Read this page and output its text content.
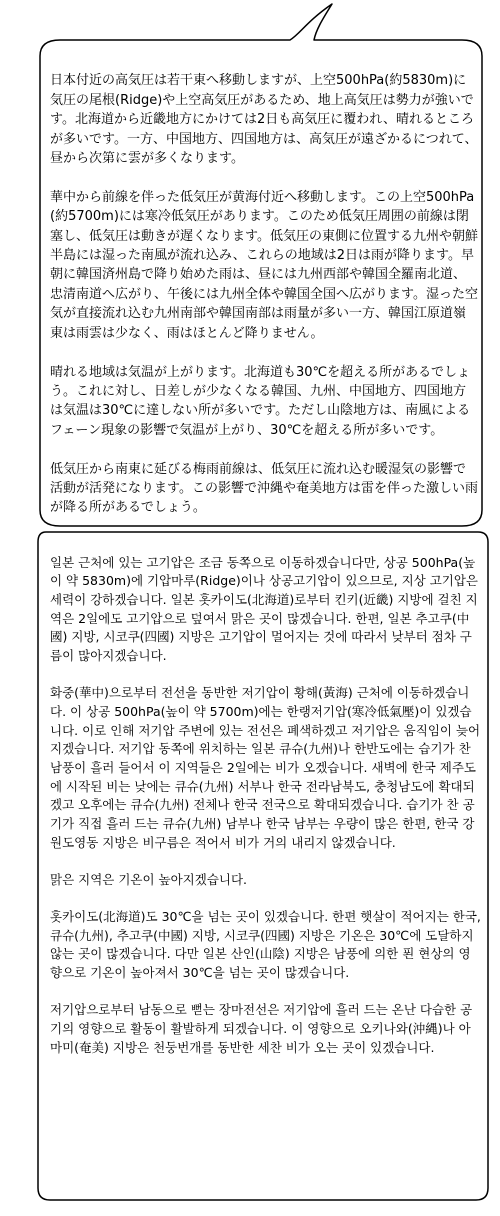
日本付近の高気圧は若干東へ移動しますが、上空500hPa(約5830m)に気圧の尾根(Ridge)や上空高気圧があるため、地上高気圧は勢力が強いです。北海道から近畿地方にかけては2日も高気圧に覆われ、晴れるところが多いです。一方、中国地方、四国地方は、高気圧が遠ざかるにつれて、昼から次第に雲が多くなります。

華中から前線を伴った低気圧が黄海付近へ移動します。この上空500hPa(約5700m)には寒冷低気圧があります。このため低気圧周囲の前線は閉塞し、低気圧は動きが遅くなります。低気圧の東側に位置する九州や朝鮮半島には湿った南風が流れ込み、これらの地域は2日は雨が降ります。早朝に韓国済州島で降り始めた雨は、昼には九州西部や韓国全羅南北道、忠清南道へ広がり、午後には九州全体や韓国全国へ広がります。湿った空気が直接流れ込む九州南部や韓国南部は雨量が多い一方、韓国江原道嶺東は雨雲は少なく、雨はほとんど降りません。

晴れる地域は気温が上がります。北海道も30℃を超える所があるでしょう。これに対し、日差しが少なくなる韓国、九州、中国地方、四国地方は気温は30℃に達しない所が多いです。ただし山陰地方は、南風によるフェーン現象の影響で気温が上がり、30℃を超える所が多いです。

低気圧から南東に延びる梅雨前線は、低気圧に流れ込む暖湿気の影響で活動が活発になります。この影響で沖縄や奄美地方は雷を伴った激しい雨が降る所があるでしょう。

일본 근처에 있는 고기압은 조금 동쪽으로 이동하겠습니다만, 상공 500hPa(높이 약 5830m)에 기압마루(Ridge)이나 상공고기압이 있으므로, 지상 고기압은 세력이 강하겠습니다. 일본 홋카이도(北海道)로부터 킨키(近畿) 지방에 걸친 지역은 2일에도 고기압으로 덮여서 맑은 곳이 많겠습니다. 한편, 일본 추고쿠(中國) 지방, 시코쿠(四國) 지방은 고기압이 멀어지는 것에 따라서 낮부터 점차 구름이 많아지겠습니다.

화중(華中)으로부터 전선을 동반한 저기압이 황해(黃海) 근처에 이동하겠습니다. 이 상공 500hPa(높이 약 5700m)에는 한랭저기압(寒冷低氣壓)이 있겠습니다. 이로 인해 저기압 주변에 있는 전선은 폐색하겠고 저기압은 움직임이 늦어지겠습니다. 저기압 동쪽에 위치하는 일본 큐슈(九州)나 한반도에는 습기가 찬 남풍이 흘러 들어서 이 지역들은 2일에는 비가 오겠습니다. 새벽에 한국 제주도에 시작된 비는 낮에는 큐슈(九州) 서부나 한국 전라남북도, 충청남도에 확대되겠고 오후에는 큐슈(九州) 전체나 한국 전국으로 확대되겠습니다. 습기가 찬 공기가 직접 흘러 드는 큐슈(九州) 남부나 한국 남부는 우량이 많은 한편, 한국 강원도영동 지방은 비구름은 적어서 비가 거의 내리지 않겠습니다.

맑은 지역은 기온이 높아지겠습니다.

홋카이도(北海道)도 30℃을 넘는 곳이 있겠습니다. 한편 햇살이 적어지는 한국, 큐슈(九州), 추고쿠(中國) 지방, 시코쿠(四國) 지방은 기온은 30℃에 도달하지 않는 곳이 많겠습니다. 다만 일본 산인(山陰) 지방은 남풍에 의한 푄 현상의 영향으로 기온이 높아져서 30℃을 넘는 곳이 많겠습니다.

저기압으로부터 남동으로 뻗는 장마전선은 저기압에 흘러 드는 온난 다습한 공기의 영향으로 활동이 활발하게 되겠습니다. 이 영향으로 오키나와(沖縄)나 아마미(奄美) 지방은 천둥번개를 동반한 세찬 비가 오는 곳이 있겠습니다.
